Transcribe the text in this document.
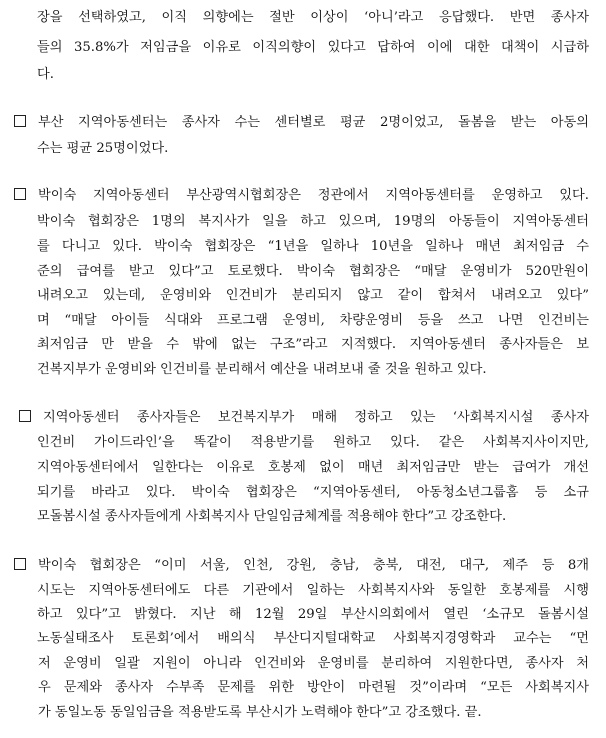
장을 선택하였고, 이직 의향에는 절반 이상이 ‘아니’라고 응답했다. 반면 종사자
들의 35.8%가 저임금을 이유로 이직의향이 있다고 답하여 이에 대한 대책이 시급하
다.
부산 지역아동센터는 종사자 수는 센터별로 평균 2명이었고, 돌봄을 받는 아동의
수는 평균 25명이었다.
박이숙 지역아동센터 부산광역시협회장은 정관에서 지역아동센터를 운영하고 있다.
박이숙 협회장은 1명의 복지사가 일을 하고 있으며, 19명의 아동들이 지역아동센터
를 다니고 있다. 박이숙 협회장은 “1년을 일하나 10년을 일하나 매년 최저임금 수
준의 급여를 받고 있다”고 토로했다. 박이숙 협회장은 “매달 운영비가 520만원이
내려오고 있는데, 운영비와 인건비가 분리되지 않고 같이 합쳐서 내려오고 있다”
며 “매달 아이들 식대와 프로그램 운영비, 차량운영비 등을 쓰고 나면 인건비는
최저임금 만 받을 수 밖에 없는 구조”라고 지적했다. 지역아동센터 종사자들은 보
건복지부가 운영비와 인건비를 분리해서 예산을 내려보내 줄 것을 원하고 있다.
지역아동센터 종사자들은 보건복지부가 매해 정하고 있는 ‘사회복지시설 종사자
인건비 가이드라인’을 똑같이 적용받기를 원하고 있다. 같은 사회복지사이지만,
지역아동센터에서 일한다는 이유로 호봉제 없이 매년 최저임금만 받는 급여가 개선
되기를 바라고 있다. 박이숙 협회장은 “지역아동센터, 아동청소년그룹홈 등 소규
모돌봄시설 종사자들에게 사회복지사 단일임금체계를 적용해야 한다”고 강조한다.
박이숙 협회장은 “이미 서울, 인천, 강원, 충남, 충북, 대전, 대구, 제주 등 8개
시도는 지역아동센터에도 다른 기관에서 일하는 사회복지사와 동일한 호봉제를 시행
하고 있다”고 밝혔다. 지난 해 12월 29일 부산시의회에서 열린 ‘소규모 돌봄시설
노동실태조사 토론회’에서 배의식 부산디지털대학교 사회복지경영학과 교수는 “먼
저 운영비 일괄 지원이 아니라 인건비와 운영비를 분리하여 지원한다면, 종사자 처
우 문제와 종사자 수부족 문제를 위한 방안이 마련될 것”이라며 “모든 사회복지사
가 동일노동 동일임금을 적용받도록 부산시가 노력해야 한다”고 강조했다. 끝.
